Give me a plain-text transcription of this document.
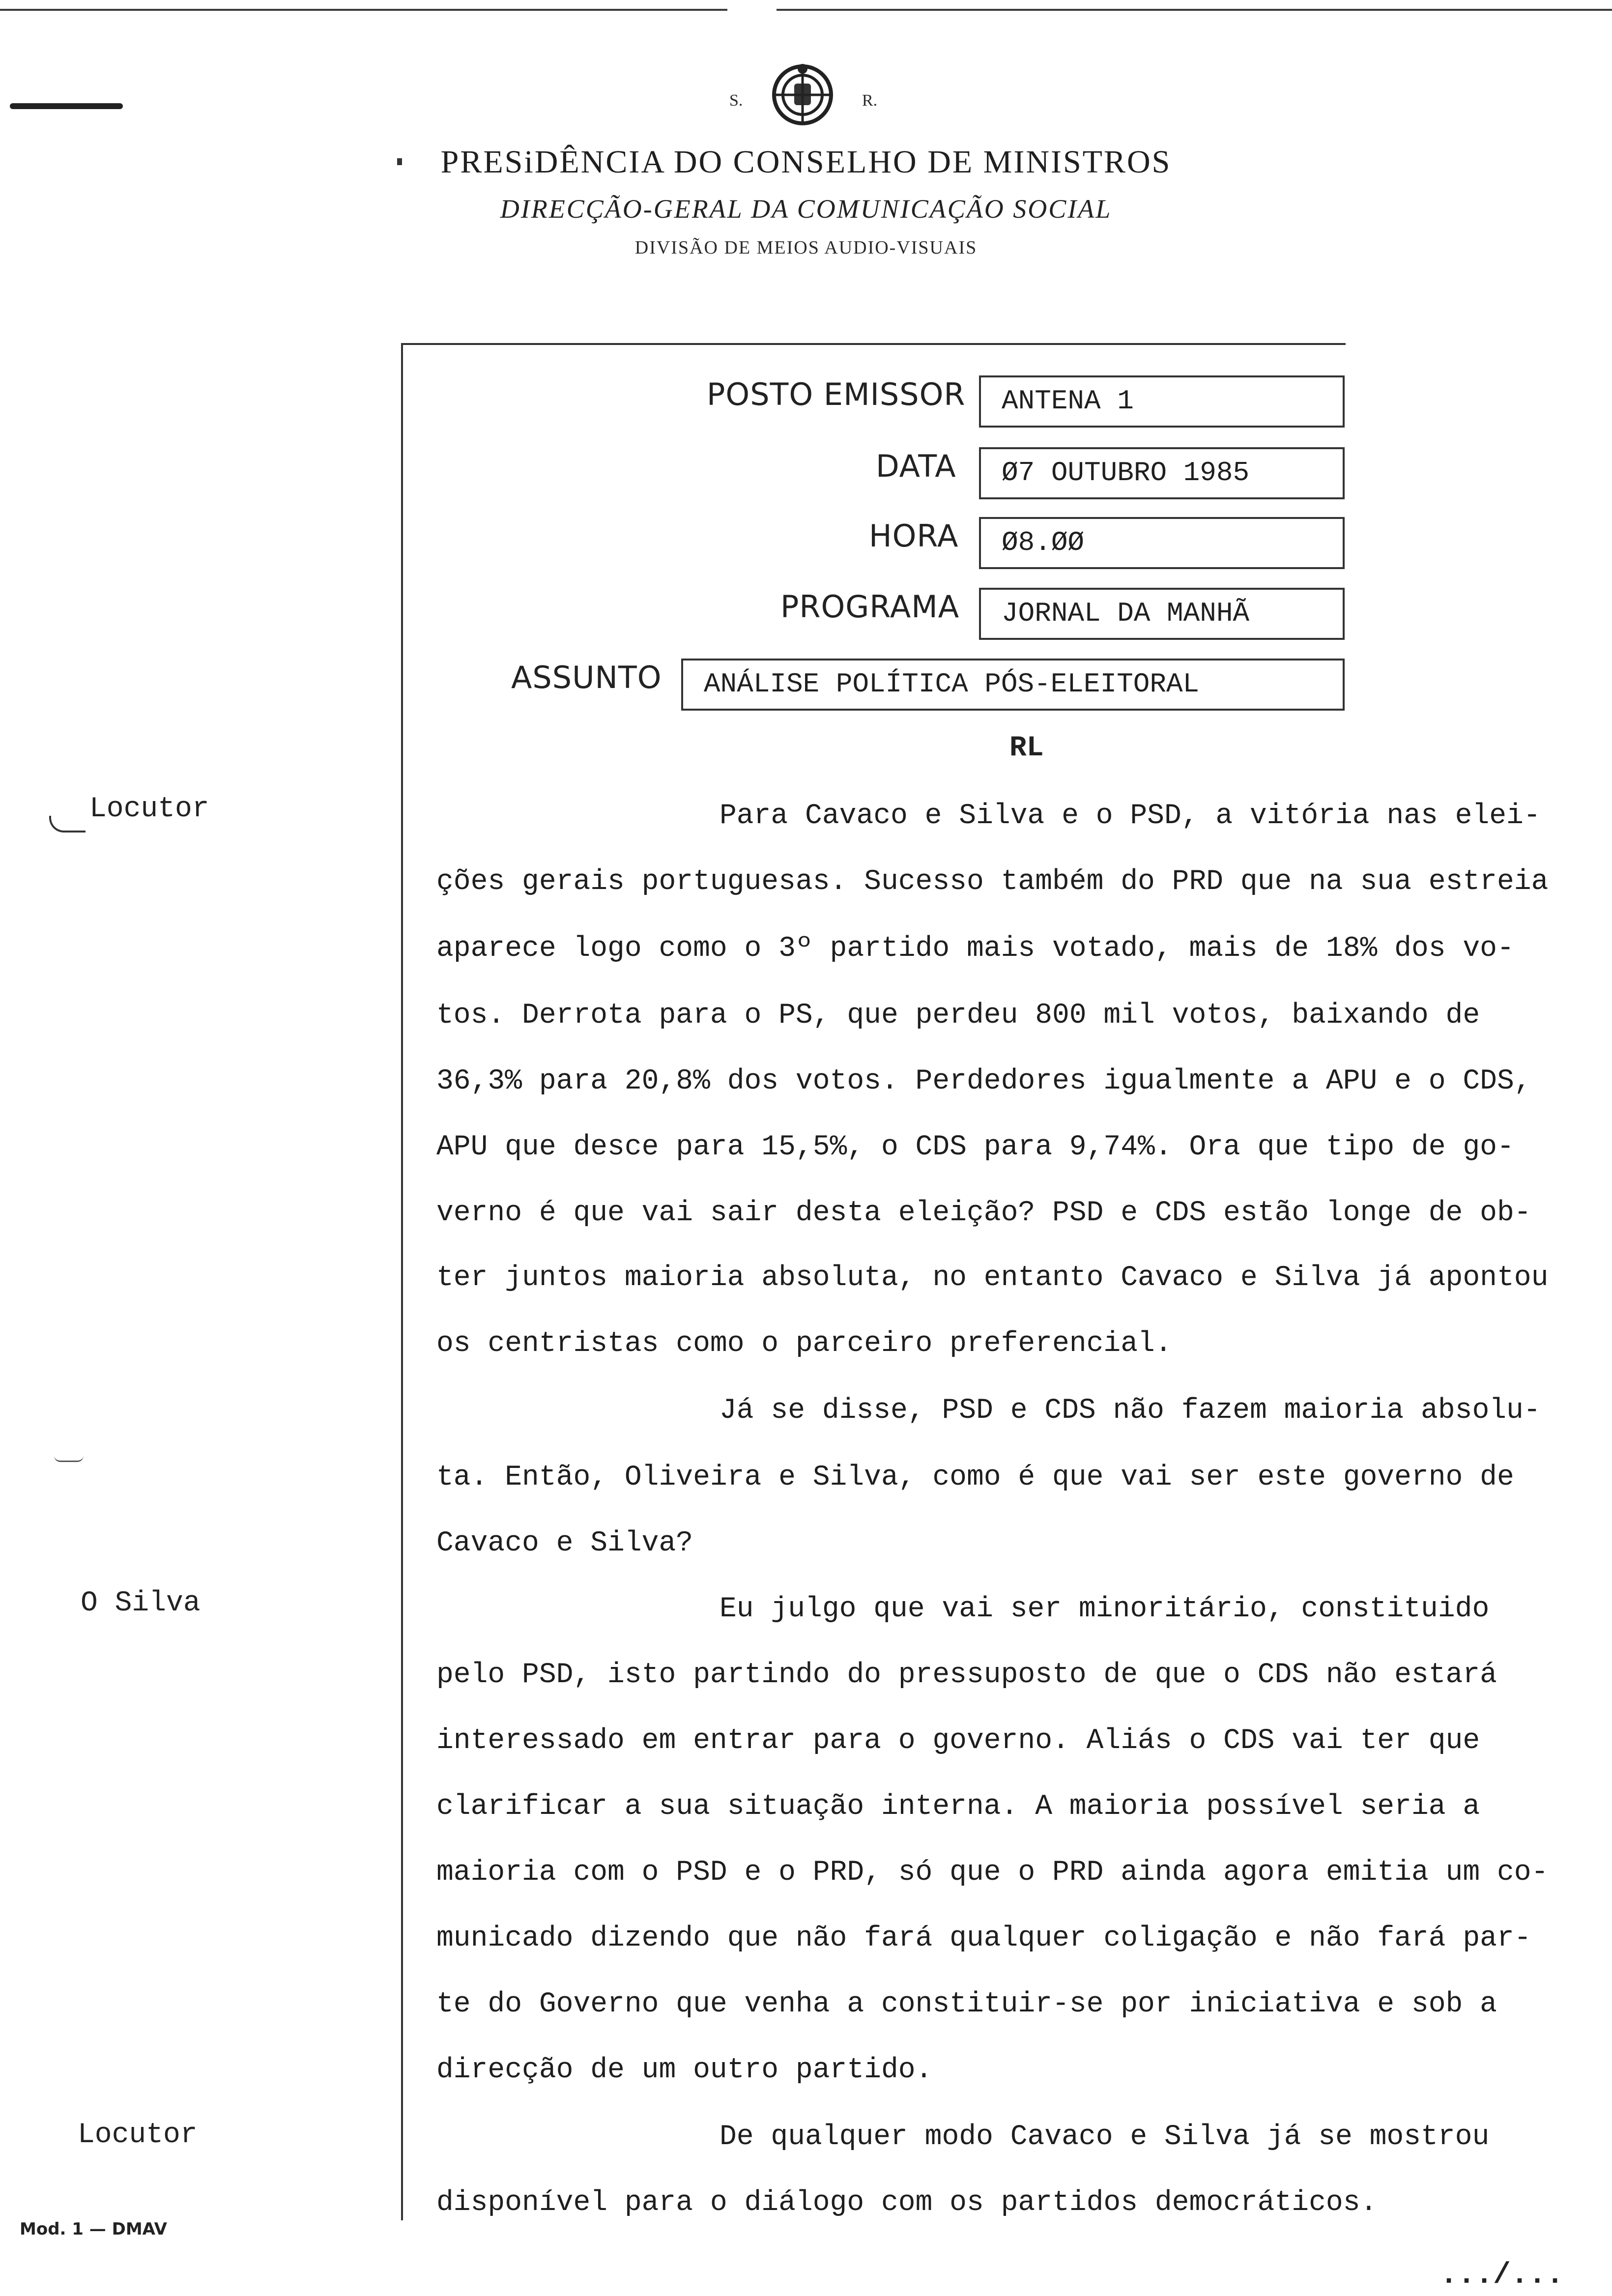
S.	R.
PRESiDÊNCIA DO CONSELHO DE MINISTROS
DIRECÇÃO-GERAL DA COMUNICAÇÃO SOCIAL
DIVISÃO DE MEIOS AUDIO-VISUAIS
POSTO EMISSOR	ANTENA 1
DATA	Ø7 OUTUBRO 1985
HORA	Ø8.ØØ
PROGRAMA	JORNAL DA MANHÃ
ASSUNTO	ANÁLISE POLÍTICA PÓS-ELEITORAL
RL
Locutor
O Silva
Locutor
Para Cavaco e Silva e o PSD, a vitória nas elei-
ções gerais portuguesas. Sucesso também do PRD que na sua estreia
aparece logo como o 3º partido mais votado, mais de 18% dos vo-
tos. Derrota para o PS, que perdeu 800 mil votos, baixando de
36,3% para 20,8% dos votos. Perdedores igualmente a APU e o CDS,
APU que desce para 15,5%, o CDS para 9,74%. Ora que tipo de go-
verno é que vai sair desta eleição? PSD e CDS estão longe de ob-
ter juntos maioria absoluta, no entanto Cavaco e Silva já apontou
os centristas como o parceiro preferencial.
Já se disse, PSD e CDS não fazem maioria absolu-
ta. Então, Oliveira e Silva, como é que vai ser este governo de
Cavaco e Silva?
Eu julgo que vai ser minoritário, constituido
pelo PSD, isto partindo do pressuposto de que o CDS não estará
interessado em entrar para o governo. Aliás o CDS vai ter que
clarificar a sua situação interna. A maioria possível seria a
maioria com o PSD e o PRD, só que o PRD ainda agora emitia um co-
municado dizendo que não fará qualquer coligação e não fará par-
te do Governo que venha a constituir-se por iniciativa e sob a
direcção de um outro partido.
De qualquer modo Cavaco e Silva já se mostrou
disponível para o diálogo com os partidos democráticos.
Mod. 1 — DMAV
.../...
